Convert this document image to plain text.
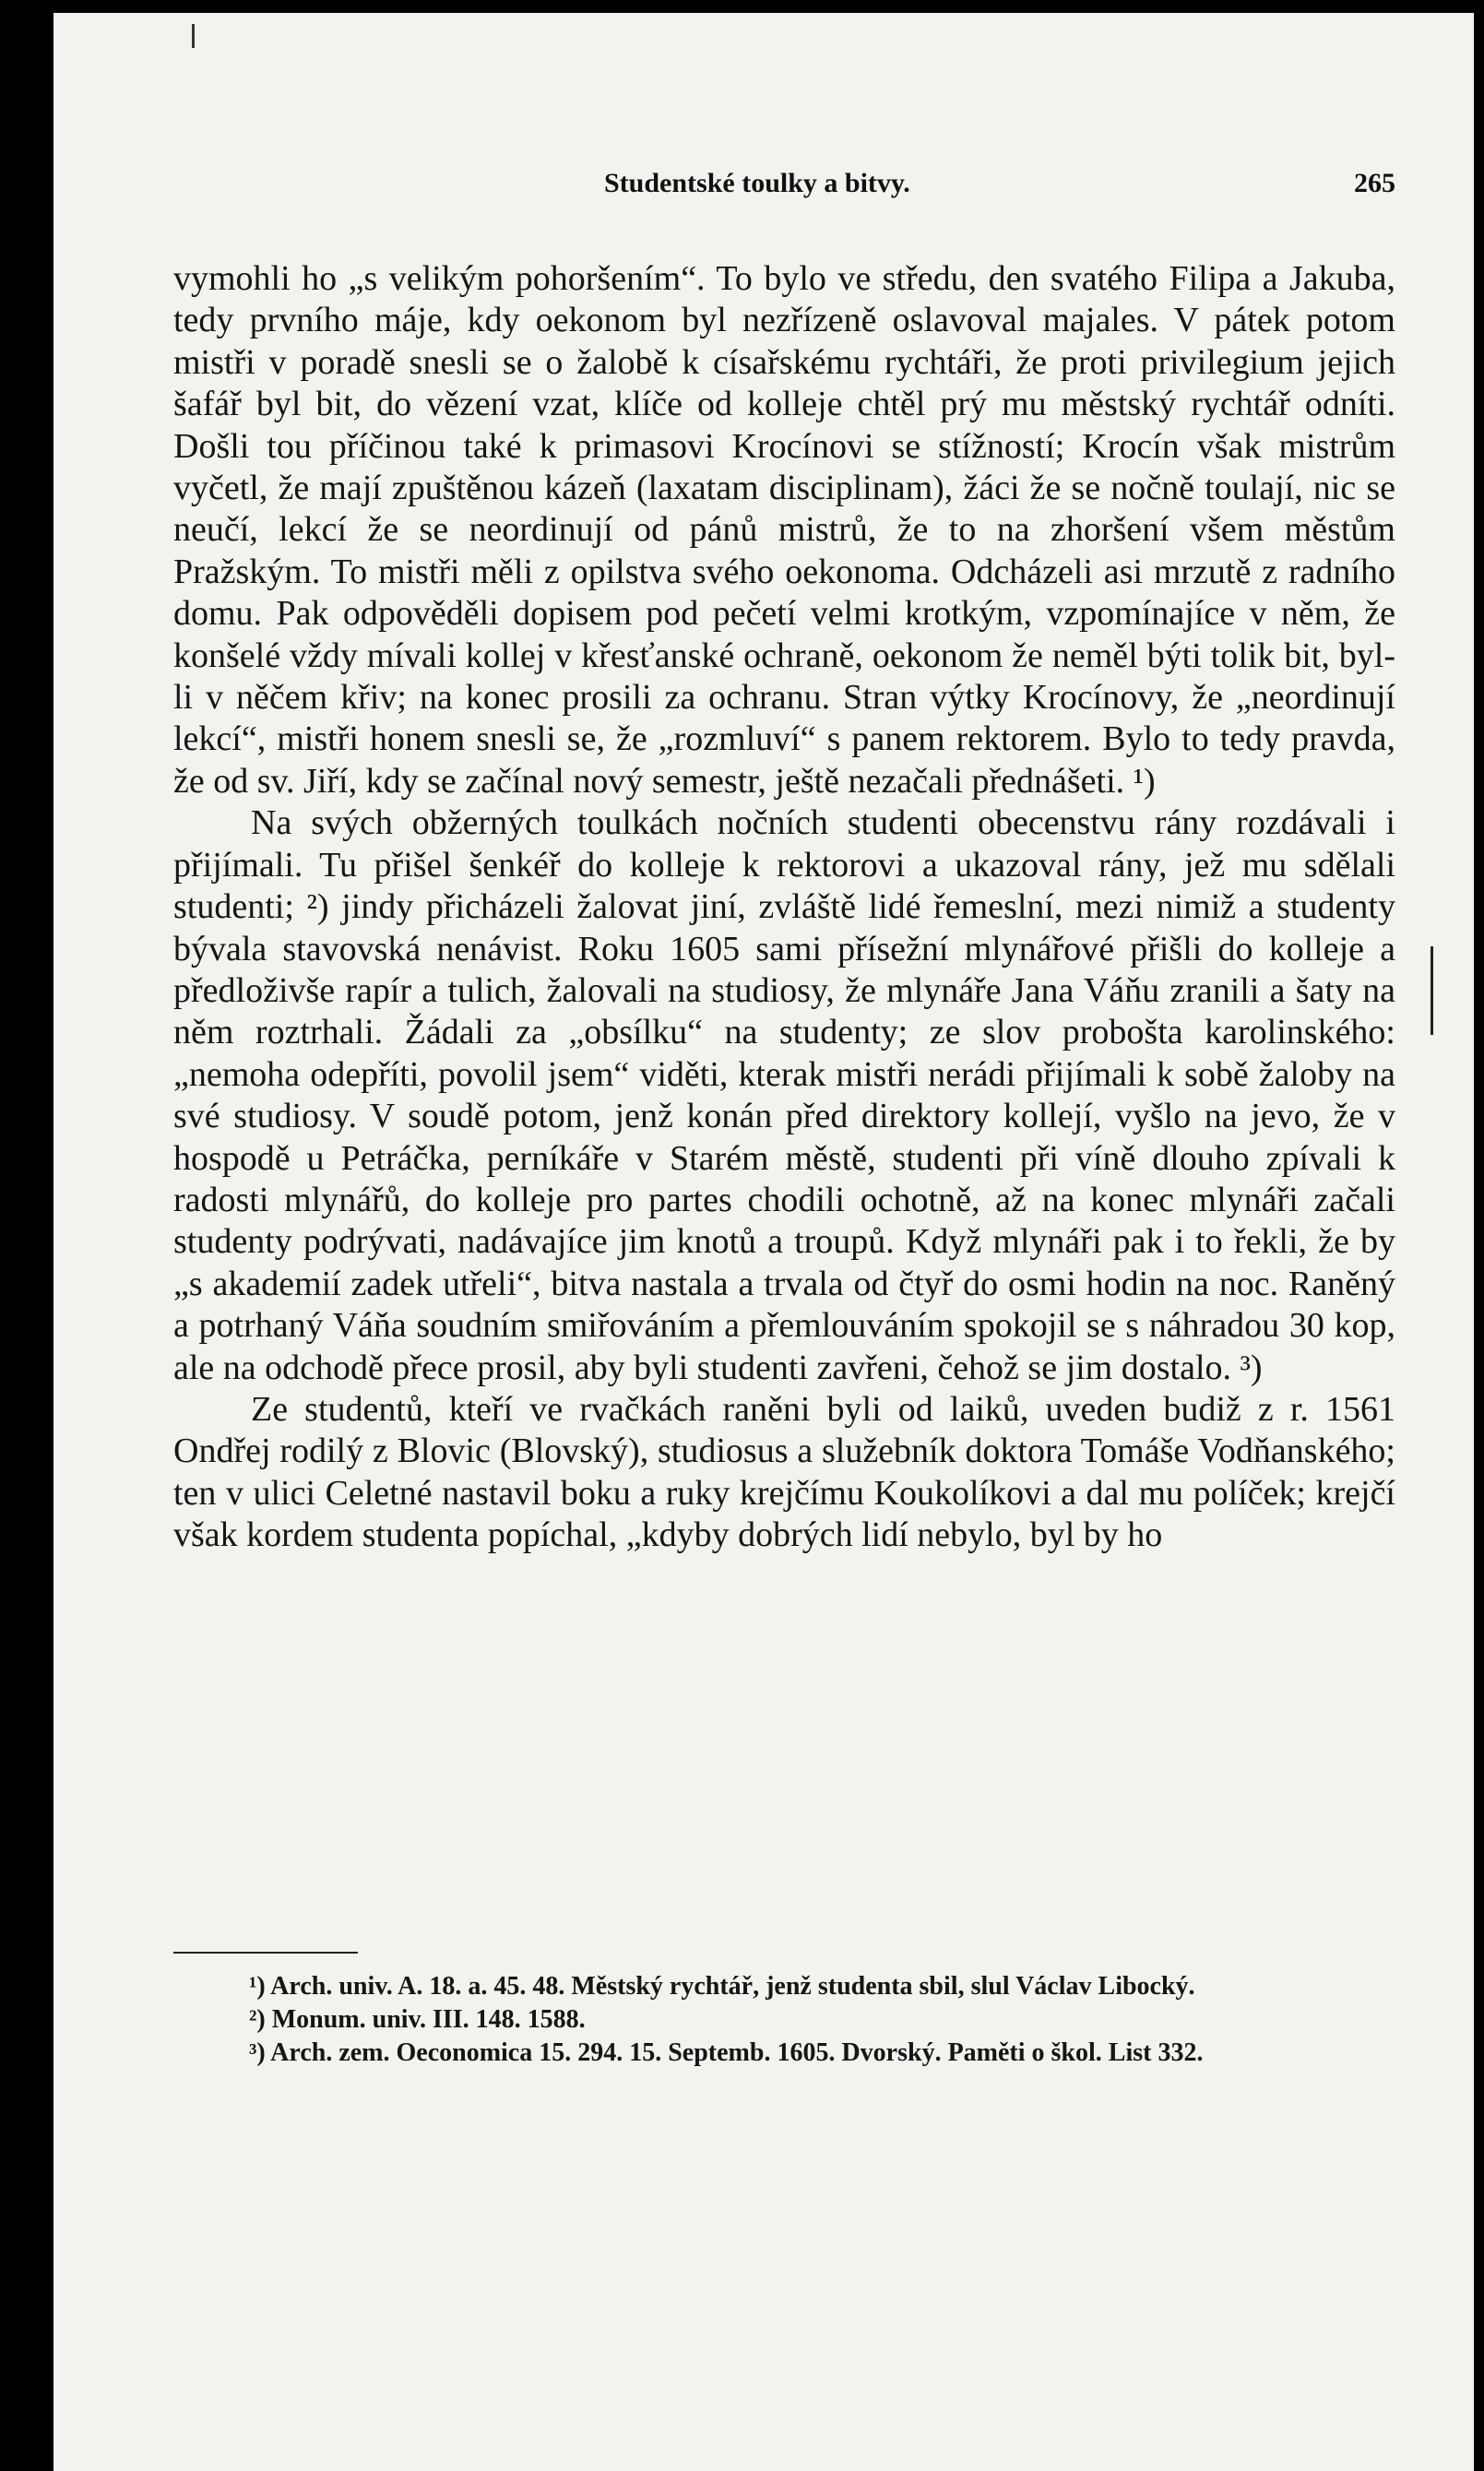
Studentské toulky a bitvy.	265

vymohli ho „s velikým pohoršením“. To bylo ve středu, den svatého Filipa a Jakuba, tedy prvního máje, kdy oekonom byl nezřízeně oslavoval majales. V pátek potom mistři v poradě snesli se o žalobě k císařskému rychtáři, že proti privilegium jejich šafář byl bit, do vězení vzat, klíče od kolleje chtěl prý mu městský rychtář odníti. Došli tou příčinou také k primasovi Krocínovi se stížností; Krocín však mistrům vyčetl, že mají zpuštěnou kázeň (laxatam disciplinam), žáci že se nočně toulají, nic se neučí, lekcí že se neordinují od pánů mistrů, že to na zhoršení všem městům Pražským. To mistři měli z opilstva svého oekonoma. Odcházeli asi mrzutě z radního domu. Pak odpověděli dopisem pod pečetí velmi krotkým, vzpomínajíce v něm, že konšelé vždy mívali kollej v křesťanské ochraně, oekonom že neměl býti tolik bit, byl-li v něčem křiv; na konec prosili za ochranu. Stran výtky Krocínovy, že „neordinují lekcí“, mistři honem snesli se, že „rozmluví“ s panem rektorem. Bylo to tedy pravda, že od sv. Jiří, kdy se začínal nový semestr, ještě nezačali přednášeti. ¹)

Na svých obžerných toulkách nočních studenti obecenstvu rány rozdávali i přijímali. Tu přišel šenkéř do kolleje k rektorovi a ukazoval rány, jež mu sdělali studenti; ²) jindy přicházeli žalovat jiní, zvláště lidé řemeslní, mezi nimiž a studenty bývala stavovská nenávist. Roku 1605 sami přísežní mlynářové přišli do kolleje a předloživše rapír a tulich, žalovali na studiosy, že mlynáře Jana Váňu zranili a šaty na něm roztrhali. Žádali za „obsílku“ na studenty; ze slov probošta karolinského: „nemoha odepříti, povolil jsem“ viděti, kterak mistři nerádi přijímali k sobě žaloby na své studiosy. V soudě potom, jenž konán před direktory kollejí, vyšlo na jevo, že v hospodě u Petráčka, perníkáře v Starém městě, studenti při víně dlouho zpívali k radosti mlynářů, do kolleje pro partes chodili ochotně, až na konec mlynáři začali studenty podrývati, nadávajíce jim knotů a troupů. Když mlynáři pak i to řekli, že by „s akademií zadek utřeli“, bitva nastala a trvala od čtyř do osmi hodin na noc. Raněný a potrhaný Váňa soudním smiřováním a přemlouváním spokojil se s náhradou 30 kop, ale na odchodě přece prosil, aby byli studenti zavřeni, čehož se jim dostalo. ³)

Ze studentů, kteří ve rvačkách raněni byli od laiků, uveden budiž z r. 1561 Ondřej rodilý z Blovic (Blovský), studiosus a služebník doktora Tomáše Vodňanského; ten v ulici Celetné nastavil boku a ruky krejčímu Koukolíkovi a dal mu políček; krejčí však kordem studenta popíchal, „kdyby dobrých lidí nebylo, byl by ho

¹) Arch. univ. A. 18. a. 45. 48. Městský rychtář, jenž studenta sbil, slul Václav Libocký.

²) Monum. univ. III. 148. 1588.

³) Arch. zem. Oeconomica 15. 294. 15. Septemb. 1605. Dvorský. Paměti o škol. List 332.
